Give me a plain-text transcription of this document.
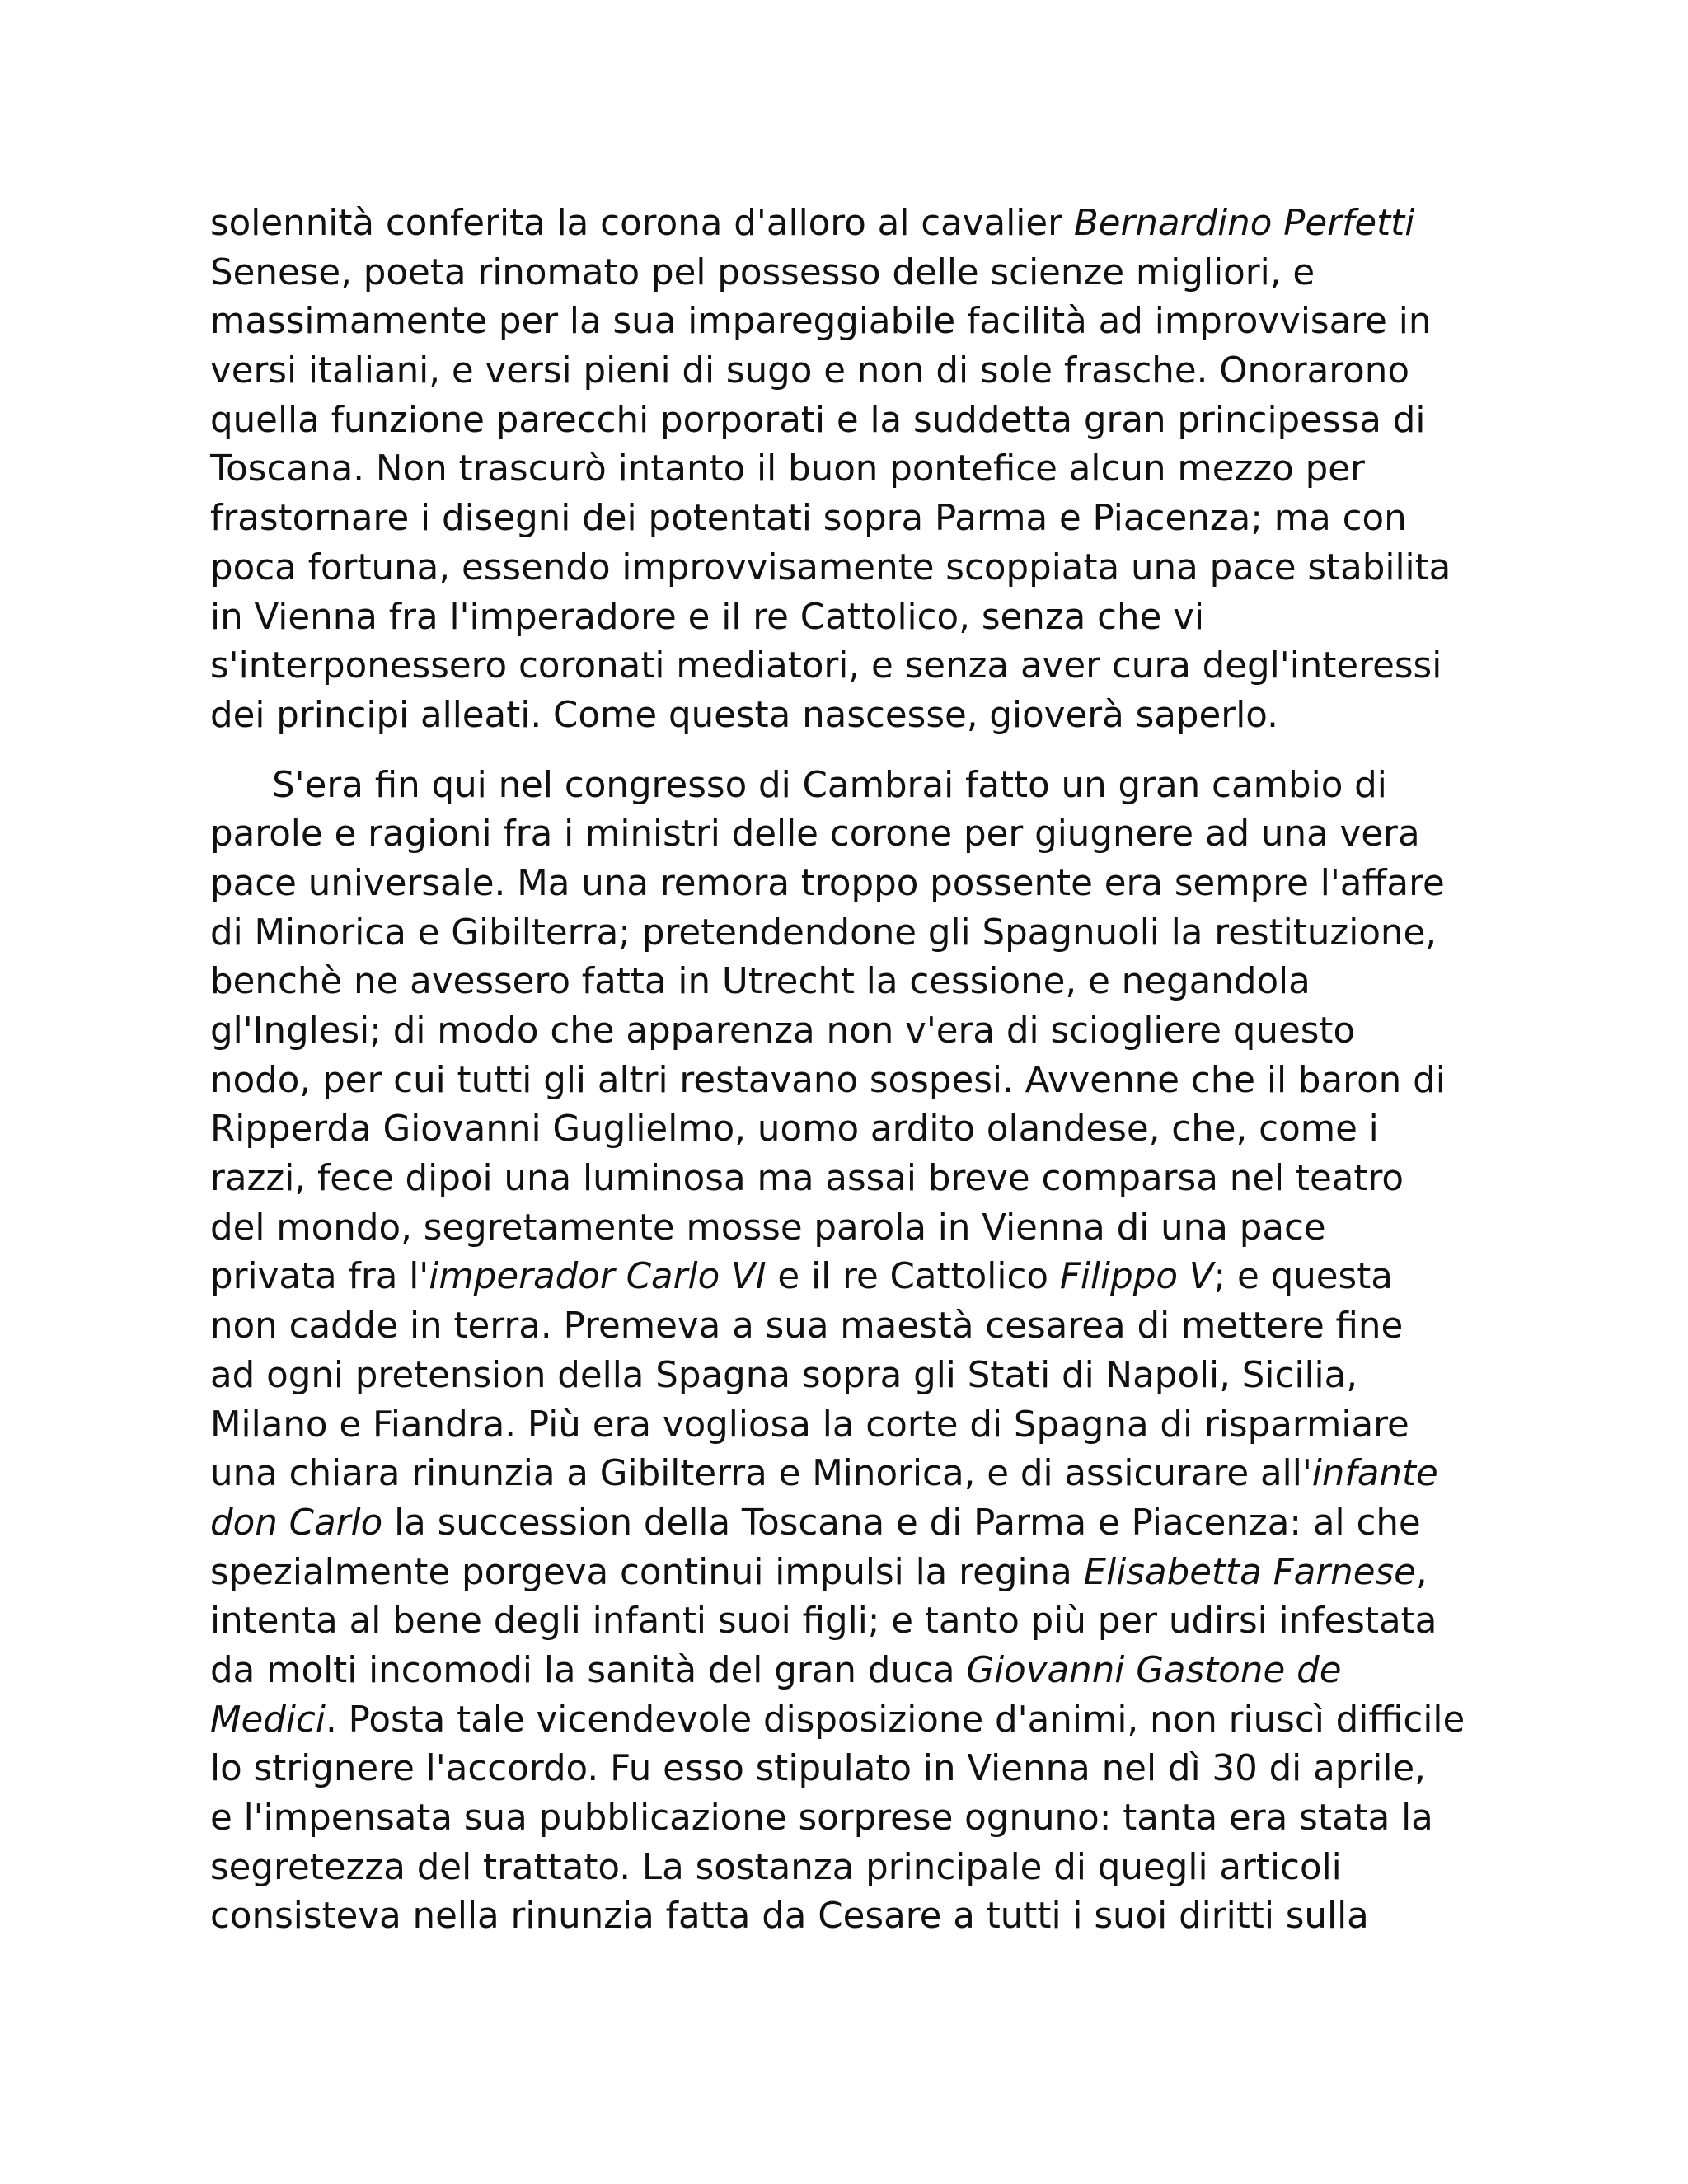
solennità conferita la corona d'alloro al cavalier Bernardino Perfetti
Senese, poeta rinomato pel possesso delle scienze migliori, e
massimamente per la sua impareggiabile facilità ad improvvisare in
versi italiani, e versi pieni di sugo e non di sole frasche. Onorarono
quella funzione parecchi porporati e la suddetta gran principessa di
Toscana. Non trascurò intanto il buon pontefice alcun mezzo per
frastornare i disegni dei potentati sopra Parma e Piacenza; ma con
poca fortuna, essendo improvvisamente scoppiata una pace stabilita
in Vienna fra l'imperadore e il re Cattolico, senza che vi
s'interponessero coronati mediatori, e senza aver cura degl'interessi
dei principi alleati. Come questa nascesse, gioverà saperlo.

S'era fin qui nel congresso di Cambrai fatto un gran cambio di
parole e ragioni fra i ministri delle corone per giugnere ad una vera
pace universale. Ma una remora troppo possente era sempre l'affare
di Minorica e Gibilterra; pretendendone gli Spagnuoli la restituzione,
benchè ne avessero fatta in Utrecht la cessione, e negandola
gl'Inglesi; di modo che apparenza non v'era di sciogliere questo
nodo, per cui tutti gli altri restavano sospesi. Avvenne che il baron di
Ripperda Giovanni Guglielmo, uomo ardito olandese, che, come i
razzi, fece dipoi una luminosa ma assai breve comparsa nel teatro
del mondo, segretamente mosse parola in Vienna di una pace
privata fra l'imperador Carlo VI e il re Cattolico Filippo V; e questa
non cadde in terra. Premeva a sua maestà cesarea di mettere fine
ad ogni pretension della Spagna sopra gli Stati di Napoli, Sicilia,
Milano e Fiandra. Più era vogliosa la corte di Spagna di risparmiare
una chiara rinunzia a Gibilterra e Minorica, e di assicurare all'infante
don Carlo la succession della Toscana e di Parma e Piacenza: al che
spezialmente porgeva continui impulsi la regina Elisabetta Farnese,
intenta al bene degli infanti suoi figli; e tanto più per udirsi infestata
da molti incomodi la sanità del gran duca Giovanni Gastone de
Medici. Posta tale vicendevole disposizione d'animi, non riuscì difficile
lo strignere l'accordo. Fu esso stipulato in Vienna nel dì 30 di aprile,
e l'impensata sua pubblicazione sorprese ognuno: tanta era stata la
segretezza del trattato. La sostanza principale di quegli articoli
consisteva nella rinunzia fatta da Cesare a tutti i suoi diritti sulla
